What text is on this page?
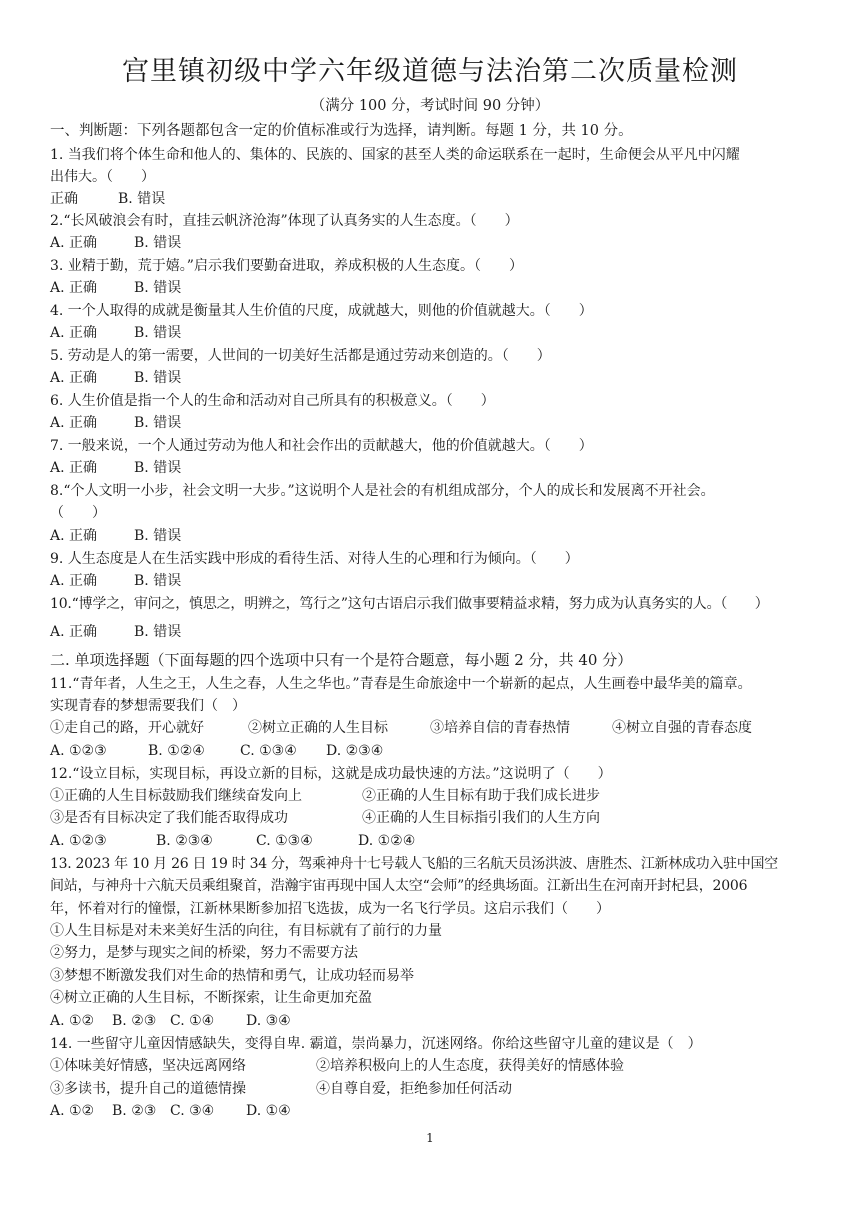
宫里镇初级中学六年级道德与法治第二次质量检测
（满分 100 分，考试时间 90 分钟）
一、判断题：下列各题都包含一定的价值标准或行为选择，请判断。每题 1 分，共 10 分。
1. 当我们将个体生命和他人的、集体的、民族的、国家的甚至人类的命运联系在一起时，生命便会从平凡中闪耀
出伟大。（　　）
正确	B. 错误
2.“长风破浪会有时，直挂云帆济沧海”体现了认真务实的人生态度。（　　）
A. 正确	B. 错误
3. 业精于勤，荒于嬉。”启示我们要勤奋进取，养成积极的人生态度。（　　）
A. 正确	B. 错误
4. 一个人取得的成就是衡量其人生价值的尺度，成就越大，则他的价值就越大。（　　）
A. 正确	B. 错误
5. 劳动是人的第一需要，人世间的一切美好生活都是通过劳动来创造的。（　　）
A. 正确	B. 错误
6. 人生价值是指一个人的生命和活动对自己所具有的积极意义。（　　）
A. 正确	B. 错误
7. 一般来说，一个人通过劳动为他人和社会作出的贡献越大，他的价值就越大。（　　）
A. 正确	B. 错误
8.“个人文明一小步，社会文明一大步。”这说明个人是社会的有机组成部分，个人的成长和发展离不开社会。
（　　）
A. 正确	B. 错误
9. 人生态度是人在生活实践中形成的看待生活、对待人生的心理和行为倾向。（　　）
A. 正确	B. 错误
10.“博学之，审问之，慎思之，明辨之，笃行之”这句古语启示我们做事要精益求精，努力成为认真务实的人。（　　）
A. 正确	B. 错误
二. 单项选择题（下面每题的四个选项中只有一个是符合题意，每小题 2 分，共 40 分）
11.“青年者，人生之王，人生之春，人生之华也。”青春是生命旅途中一个崭新的起点，人生画卷中最华美的篇章。
实现青春的梦想需要我们（　）
①走自己的路，开心就好	②树立正确的人生目标	③培养自信的青春热情	④树立自强的青春态度
A. ①②③	B. ①②④	C. ①③④ D. ②③④
12.“设立目标，实现目标，再设立新的目标，这就是成功最快速的方法。”这说明了（　　）
①正确的人生目标鼓励我们继续奋发向上	②正确的人生目标有助于我们成长进步
③是否有目标决定了我们能否取得成功	④正确的人生目标指引我们的人生方向
A. ①②③	B. ②③④	C. ①③④	D. ①②④
13. 2023 年 10 月 26 日 19 时 34 分，驾乘神舟十七号载人飞船的三名航天员汤洪波、唐胜杰、江新林成功入驻中国空
间站，与神舟十六航天员乘组聚首，浩瀚宇宙再现中国人太空“会师”的经典场面。江新出生在河南开封杞县，2006
年，怀着对行的憧憬，江新林果断参加招飞选拔，成为一名飞行学员。这启示我们（　　）
①人生目标是对未来美好生活的向往，有目标就有了前行的力量
②努力，是梦与现实之间的桥梁，努力不需要方法
③梦想不断激发我们对生命的热情和勇气，让成功轻而易举
④树立正确的人生目标，不断探索，让生命更加充盈
A. ①② B. ②③ C. ①④ D. ③④
14. 一些留守儿童因情感缺失，变得自卑. 霸道，崇尚暴力，沉迷网络。你给这些留守儿童的建议是（　）
①体味美好情感，坚决远离网络	②培养积极向上的人生态度，获得美好的情感体验
③多读书，提升自己的道德情操	④自尊自爱，拒绝参加任何活动
A. ①② B. ②③ C. ③④ D. ①④
1
